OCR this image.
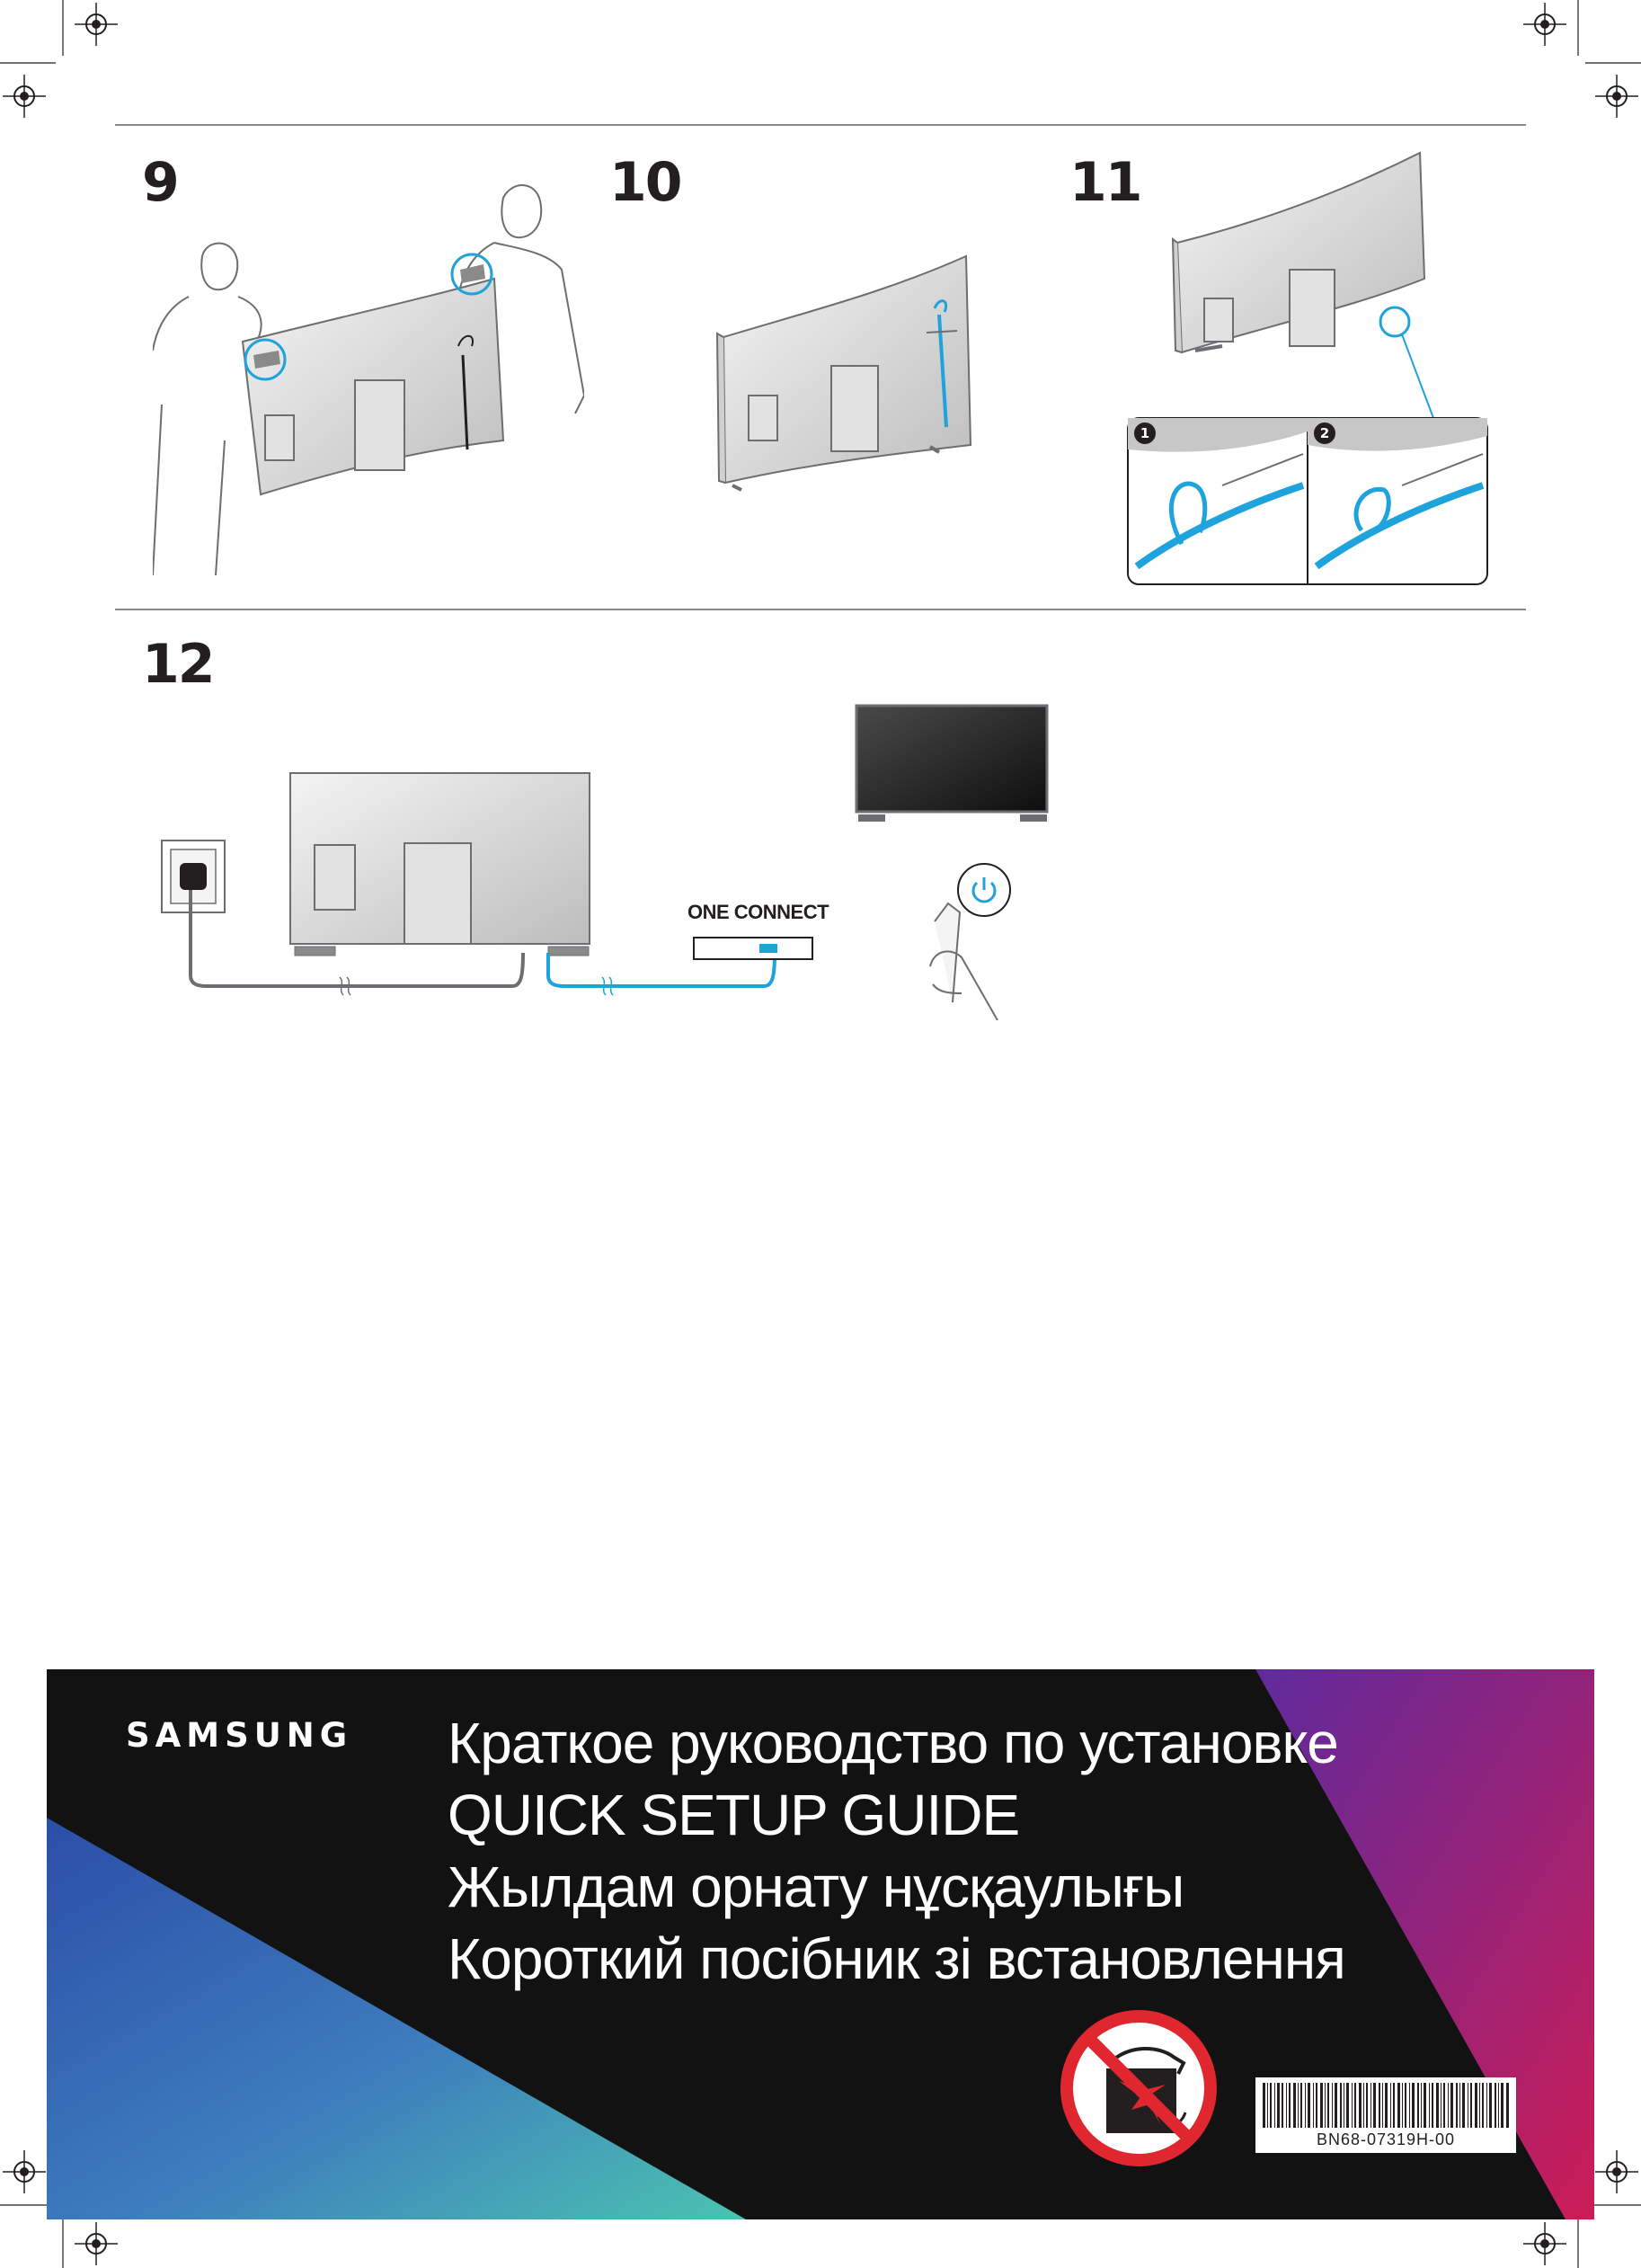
9	10	11
12
1	2
ONE CONNECT
SAMSUNG Краткое руководство по установке
QUICK SETUP GUIDE
Жылдам орнату нұсқаулығы
Короткий посібник зі встановлення
BN68-07319H-00
